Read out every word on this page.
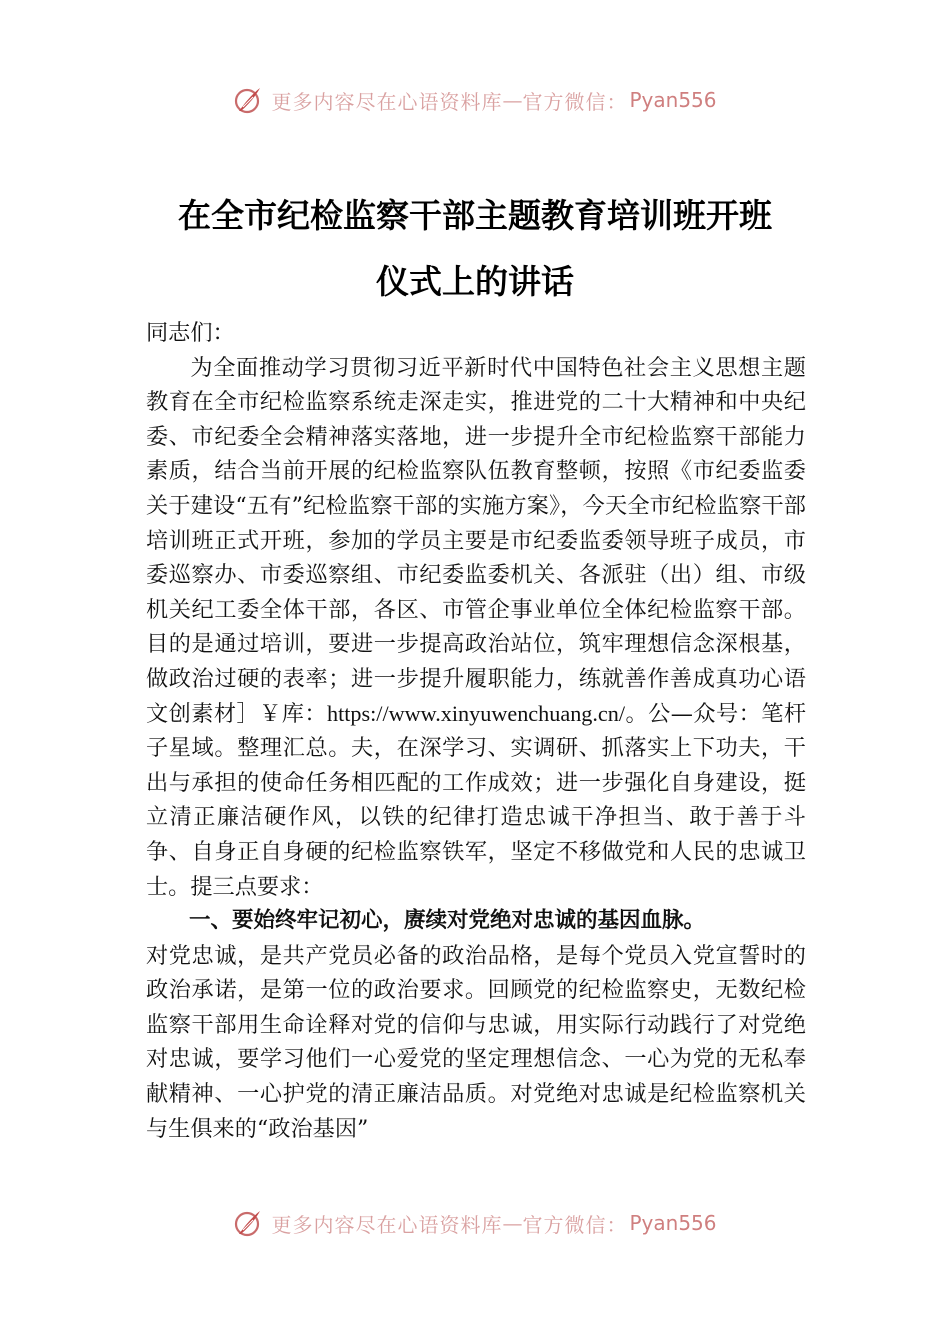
更多内容尽在心语资料库 — 官方微信： Pyan556
在全市纪检监察干部主题教育培训班开班
仪式上的讲话

同志们：

为全面推动学习贯彻习近平新时代中国特色社会主义思想主题教育在全市纪检监察系统走深走实，推进党的二十大精神和中央纪委、市纪委全会精神落实落地，进一步提升全市纪检监察干部能力素质，结合当前开展的纪检监察队伍教育整顿，按照《市纪委监委关于建设“五有”纪检监察干部的实施方案》，今天全市纪检监察干部培训班正式开班，参加的学员主要是市纪委监委领导班子成员，市委巡察办、市委巡察组、市纪委监委机关、各派驻（出）组、市级机关纪工委全体干部，各区、市管企事业单位全体纪检监察干部。目的是通过培训，要进一步提高政治站位，筑牢理想信念深根基，做政治过硬的表率；进一步提升履职能力，练就善作善成真功心语文创素材］￥库：https://www.xinyuwenchuang.cn/。公—众号：笔杆子星域。整理汇总。夫，在深学习、实调研、抓落实上下功夫，干出与承担的使命任务相匹配的工作成效；进一步强化自身建设，挺立清正廉洁硬作风，以铁的纪律打造忠诚干净担当、敢于善于斗争、自身正自身硬的纪检监察铁军，坚定不移做党和人民的忠诚卫士。提三点要求：

一、要始终牢记初心，赓续对党绝对忠诚的基因血脉。

对党忠诚，是共产党员必备的政治品格，是每个党员入党宣誓时的政治承诺，是第一位的政治要求。回顾党的纪检监察史，无数纪检监察干部用生命诠释对党的信仰与忠诚，用实际行动践行了对党绝对忠诚，要学习他们一心爱党的坚定理想信念、一心为党的无私奉献精神、一心护党的清正廉洁品质。对党绝对忠诚是纪检监察机关与生俱来的“政治基因”

更多内容尽在心语资料库 — 官方微信： Pyan556
